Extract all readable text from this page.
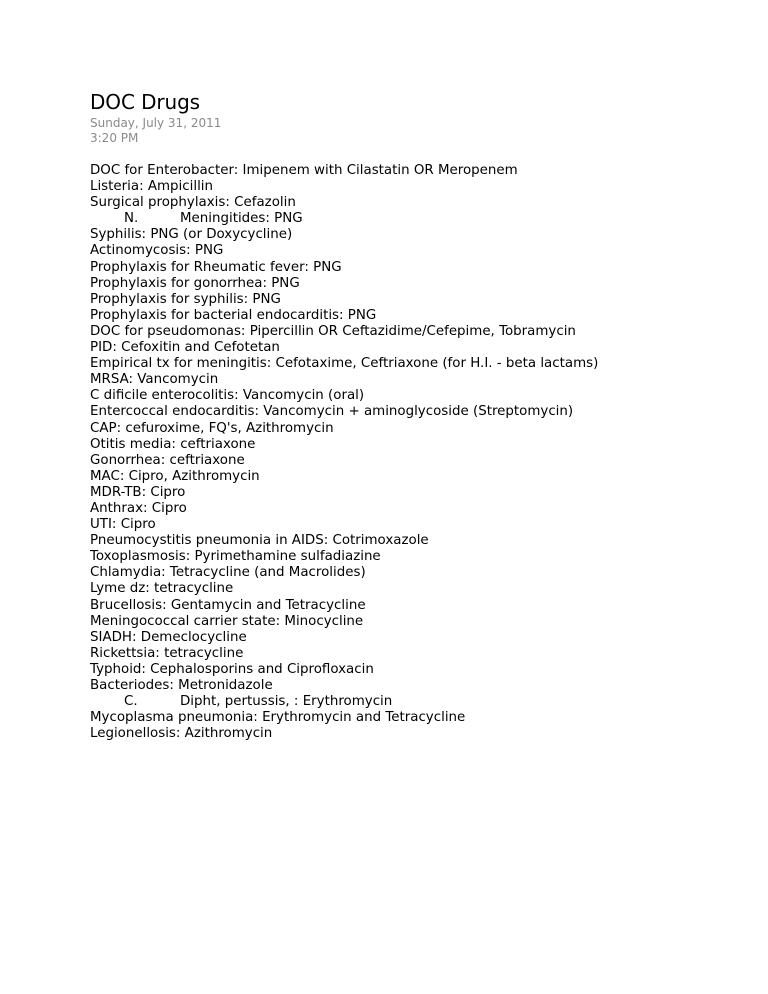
DOC Drugs
Sunday, July 31, 2011
3:20 PM
DOC for Enterobacter: Imipenem with Cilastatin OR Meropenem
Listeria: Ampicillin
Surgical prophylaxis: Cefazolin
N.	Meningitides: PNG
Syphilis: PNG (or Doxycycline)
Actinomycosis: PNG
Prophylaxis for Rheumatic fever: PNG
Prophylaxis for gonorrhea: PNG
Prophylaxis for syphilis: PNG
Prophylaxis for bacterial endocarditis: PNG
DOC for pseudomonas: Pipercillin OR Ceftazidime/Cefepime, Tobramycin
PID: Cefoxitin and Cefotetan
Empirical tx for meningitis: Cefotaxime, Ceftriaxone (for H.I. - beta lactams)
MRSA: Vancomycin
C dificile enterocolitis: Vancomycin (oral)
Entercoccal endocarditis: Vancomycin + aminoglycoside (Streptomycin)
CAP: cefuroxime, FQ's, Azithromycin
Otitis media: ceftriaxone
Gonorrhea: ceftriaxone
MAC: Cipro, Azithromycin
MDR-TB: Cipro
Anthrax: Cipro
UTI: Cipro
Pneumocystitis pneumonia in AIDS: Cotrimoxazole
Toxoplasmosis: Pyrimethamine sulfadiazine
Chlamydia: Tetracycline (and Macrolides)
Lyme dz: tetracycline
Brucellosis: Gentamycin and Tetracycline
Meningococcal carrier state: Minocycline
SIADH: Demeclocycline
Rickettsia: tetracycline
Typhoid: Cephalosporins and Ciprofloxacin
Bacteriodes: Metronidazole
C.	Dipht, pertussis, : Erythromycin
Mycoplasma pneumonia: Erythromycin and Tetracycline
Legionellosis: Azithromycin
